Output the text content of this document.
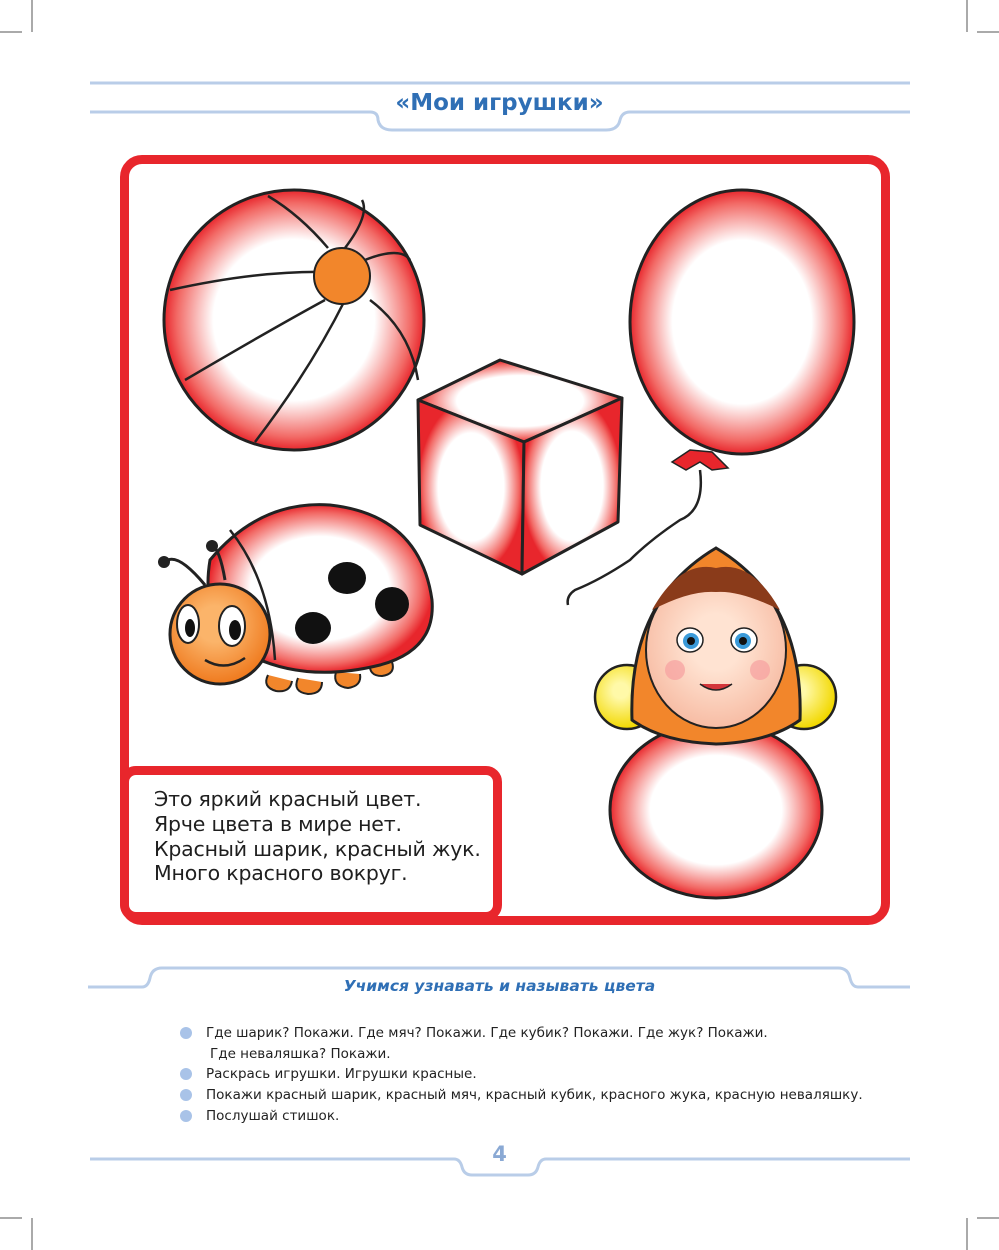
«Мои игрушки»
Это яркий красный цвет.
Ярче цвета в мире нет.
Красный шарик, красный жук.
Много красного вокруг.
Учимся узнавать и называть цвета
Где шарик? Покажи. Где мяч? Покажи. Где кубик? Покажи. Где жук? Покажи.
Где неваляшка? Покажи.
Раскрась игрушки. Игрушки красные.
Покажи красный шарик, красный мяч, красный кубик, красного жука, красную неваляшку.
Послушай стишок.
4
